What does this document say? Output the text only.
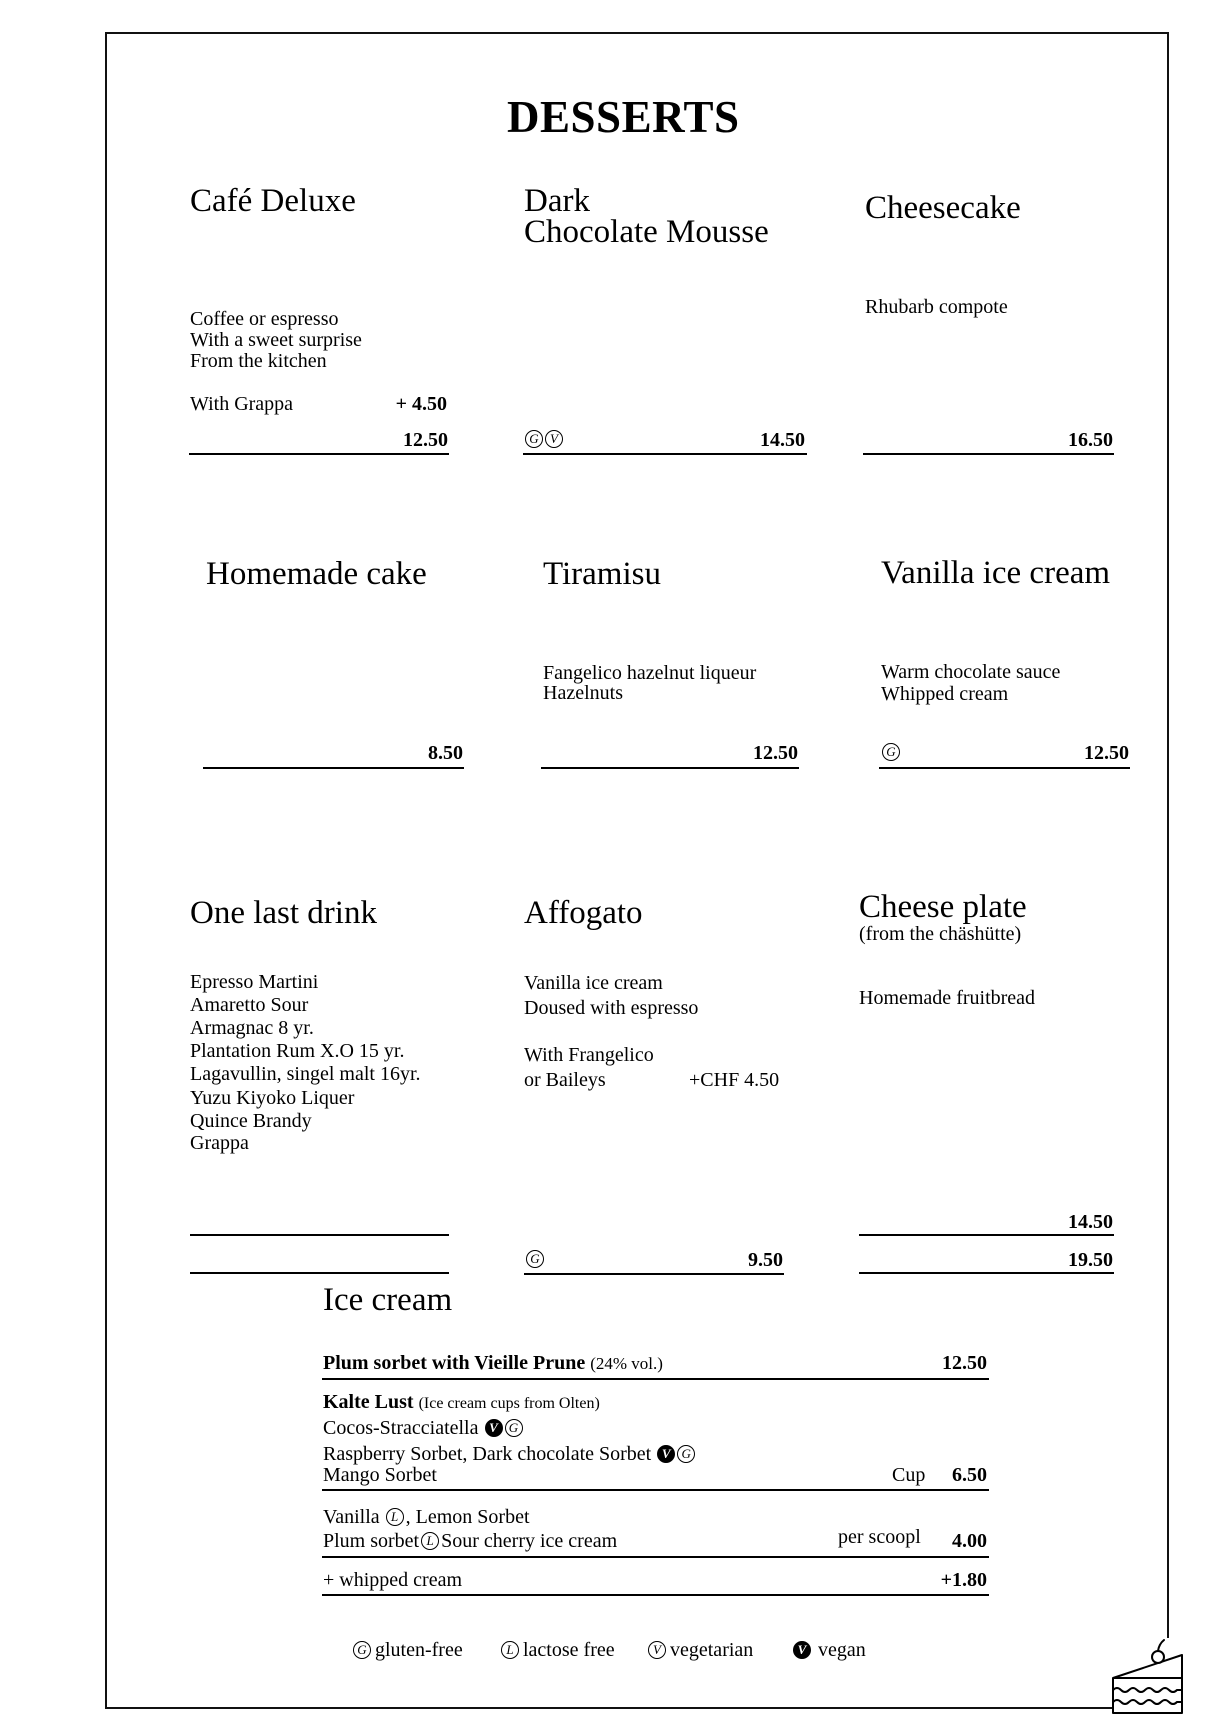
DESSERTS
Café Deluxe
Coffee or espresso
With a sweet surprise
From the kitchen
With Grappa	+ 4.50
12.50
Dark
Chocolate Mousse
G V	14.50
Cheesecake
Rhubarb compote
16.50
Homemade cake
8.50
Tiramisu
Fangelico hazelnut liqueur
Hazelnuts
12.50
Vanilla ice cream
Warm chocolate sauce
Whipped cream
G	12.50
One last drink
Epresso Martini
Amaretto Sour
Armagnac 8 yr.
Plantation Rum X.O 15 yr.
Lagavullin, singel malt 16yr.
Yuzu Kiyoko Liquer
Quince Brandy
Grappa
Affogato
Vanilla ice cream
Doused with espresso
With Frangelico
or Baileys	+CHF 4.50
G	9.50
Cheese plate
(from the chäshütte)
Homemade fruitbread
14.50
19.50
Ice cream
Plum sorbet with Vieille Prune (24% vol.)	12.50
Kalte Lust (Ice cream cups from Olten)
Cocos-Stracciatella V G
Raspberry Sorbet, Dark chocolate Sorbet V G
Mango Sorbet	Cup 6.50
Vanilla L , Lemon Sorbet
Plum sorbet L Sour cherry ice cream	per scoopl 4.00
+ whipped cream	+1.80
G gluten-free	L lactose free	V vegetarian	V vegan
